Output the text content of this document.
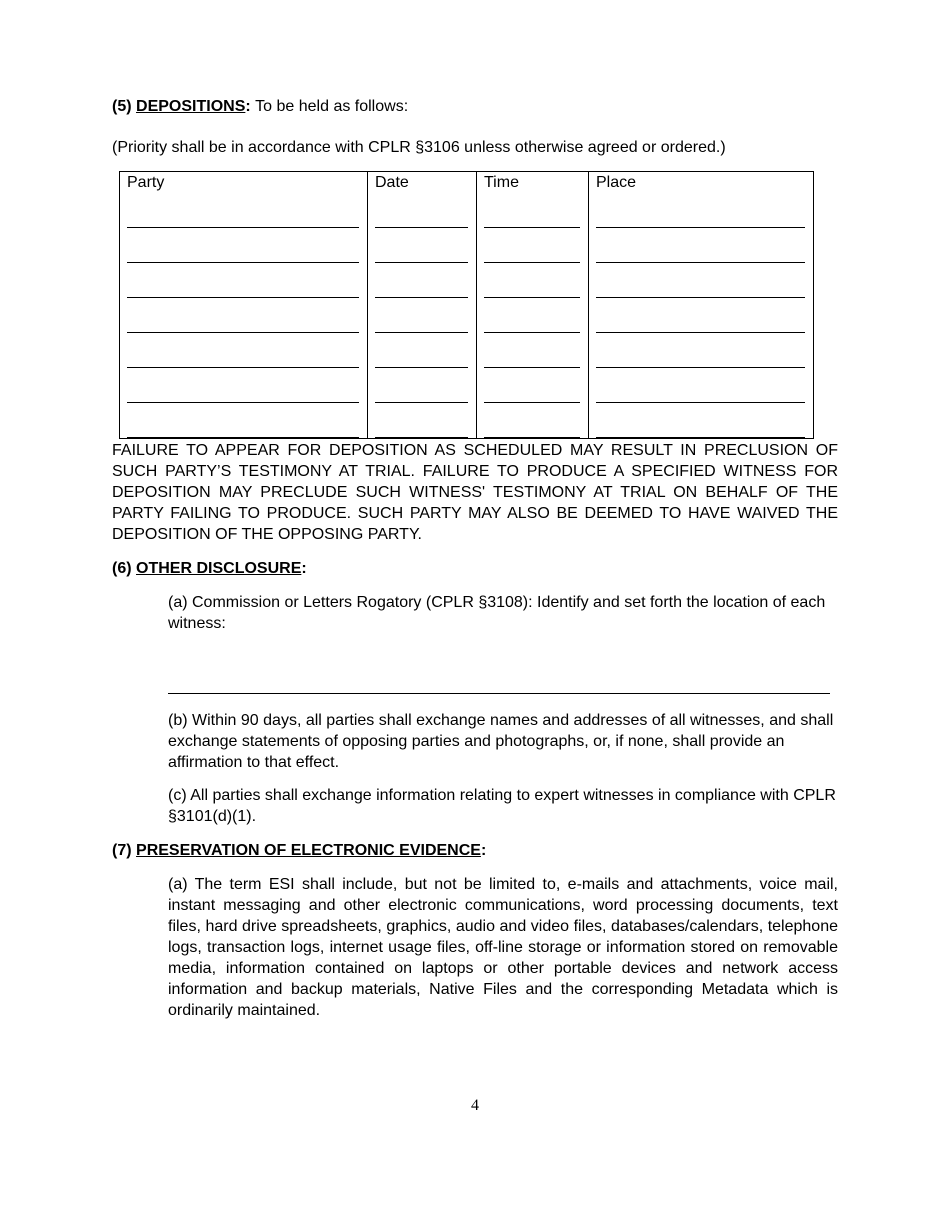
(5) DEPOSITIONS: To be held as follows:

(Priority shall be in accordance with CPLR §3106 unless otherwise agreed or ordered.)

Party	Date	Time	Place

FAILURE TO APPEAR FOR DEPOSITION AS SCHEDULED MAY RESULT IN PRECLUSION OF SUCH PARTY’S TESTIMONY AT TRIAL. FAILURE TO PRODUCE A SPECIFIED WITNESS FOR DEPOSITION MAY PRECLUDE SUCH WITNESS' TESTIMONY AT TRIAL ON BEHALF OF THE PARTY FAILING TO PRODUCE. SUCH PARTY MAY ALSO BE DEEMED TO HAVE WAIVED THE DEPOSITION OF THE OPPOSING PARTY.

(6) OTHER DISCLOSURE:

(a) Commission or Letters Rogatory (CPLR §3108): Identify and set forth the location of each witness:

(b) Within 90 days, all parties shall exchange names and addresses of all witnesses, and shall exchange statements of opposing parties and photographs, or, if none, shall provide an affirmation to that effect.

(c) All parties shall exchange information relating to expert witnesses in compliance with CPLR §3101(d)(1).

(7) PRESERVATION OF ELECTRONIC EVIDENCE:

(a) The term ESI shall include, but not be limited to, e-mails and attachments, voice mail, instant messaging and other electronic communications, word processing documents, text files, hard drive spreadsheets, graphics, audio and video files, databases/calendars, telephone logs, transaction logs, internet usage files, off-line storage or information stored on removable media, information contained on laptops or other portable devices and network access information and backup materials, Native Files and the corresponding Metadata which is ordinarily maintained.

4
